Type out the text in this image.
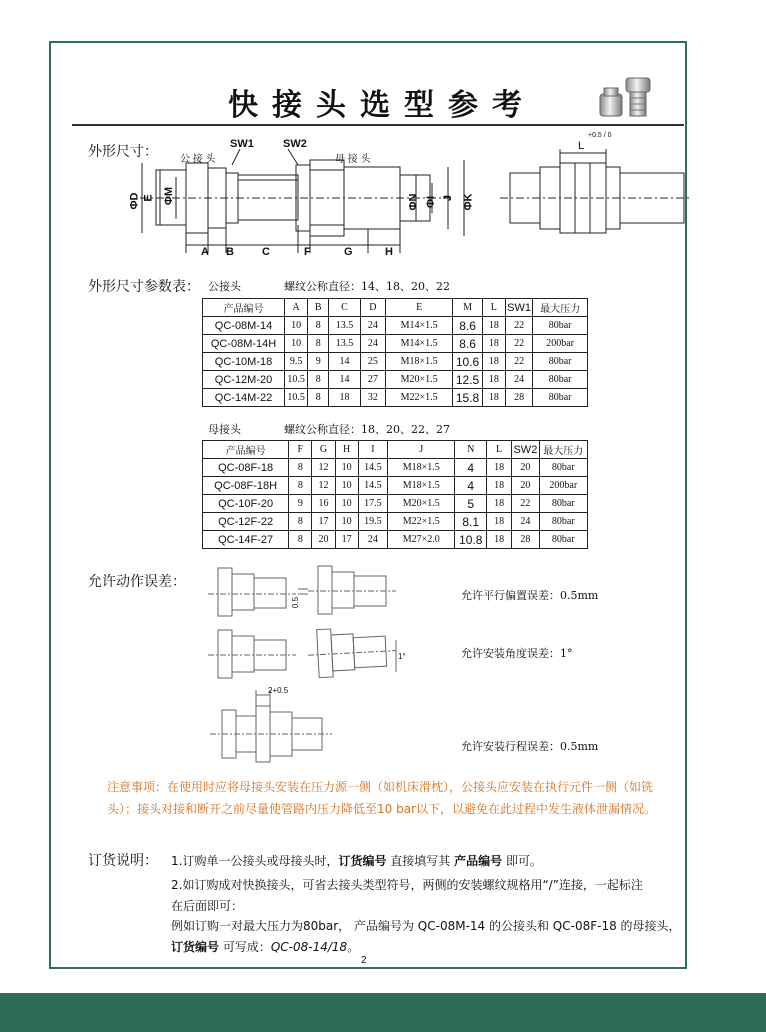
快接头选型参考
外形尺寸： 公 接 头	母 接 头
SW1	SW2
ΦD E ΦM
A B	C	F	G	H
ΦN ΦI J ΦK
L
+0.5 / 0
外形尺寸参数表： 公接头	螺纹公称直径：14、18、20、22
产品编号	A	B	C	D	E	M	L	SW1	最大压力
QC-08M-14	10	8	13.5	24	M14×1.5	8.6	18	22	80bar
QC-08M-14H	10	8	13.5	24	M14×1.5	8.6	18	22	200bar
QC-10M-18	9.5	9	14	25	M18×1.5	10.6	18	22	80bar
QC-12M-20	10.5	8	14	27	M20×1.5	12.5	18	24	80bar
QC-14M-22	10.5	8	18	32	M22×1.5	15.8	18	28	80bar
母接头	螺纹公称直径：18、20、22、27
产品编号	F	G	H	I	J	N	L	SW2	最大压力
QC-08F-18	8	12	10	14.5	M18×1.5	4	18	20	80bar
QC-08F-18H	8	12	10	14.5	M18×1.5	4	18	20	200bar
QC-10F-20	9	16	10	17.5	M20×1.5	5	18	22	80bar
QC-12F-22	8	17	10	19.5	M22×1.5	8.1	18	24	80bar
QC-14F-27	8	20	17	24	M27×2.0	10.8	18	28	80bar
允许动作误差：
0.5
1°
2+0.5
允许平行偏置误差：0.5mm
允许安装角度误差：1°
允许安装行程误差：0.5mm
注意事项：在使用时应将母接头安装在压力源一侧（如机床滑枕），公接头应安装在执行元件一侧（如铣头）；接头对接和断开之前尽量使管路内压力降低至10 bar以下，以避免在此过程中发生液体泄漏情况。
订货说明： 1.订购单一公接头或母接头时，订货编号 直接填写其 产品编号 即可。
2.如订购成对快换接头，可省去接头类型符号，两侧的安装螺纹规格用“/”连接，一起标注
在后面即可：
例如订购一对最大压力为80bar， 产品编号为 QC-08M-14 的公接头和 QC-08F-18 的母接头，
订货编号 可写成：QC-08-14/18。
2
